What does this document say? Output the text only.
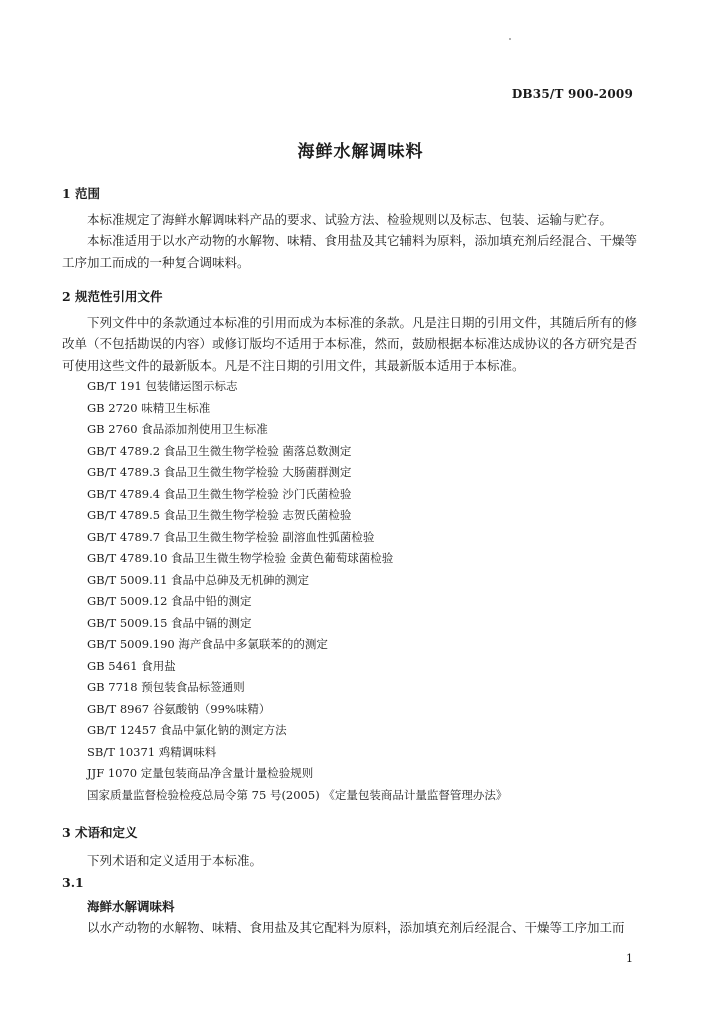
DB35/T 900-2009
海鲜水解调味料

1 范围

本标准规定了海鲜水解调味料产品的要求、试验方法、检验规则以及标志、包装、运输与贮存。

本标准适用于以水产动物的水解物、味精、食用盐及其它辅料为原料，添加填充剂后经混合、干燥等工序加工而成的一种复合调味料。

2 规范性引用文件

下列文件中的条款通过本标准的引用而成为本标准的条款。凡是注日期的引用文件，其随后所有的修改单（不包括勘误的内容）或修订版均不适用于本标准，然而，鼓励根据本标准达成协议的各方研究是否可使用这些文件的最新版本。凡是不注日期的引用文件，其最新版本适用于本标准。

GB/T 191 包装储运图示标志

GB 2720 味精卫生标准

GB 2760 食品添加剂使用卫生标准

GB/T 4789.2 食品卫生微生物学检验 菌落总数测定

GB/T 4789.3 食品卫生微生物学检验 大肠菌群测定

GB/T 4789.4 食品卫生微生物学检验 沙门氏菌检验

GB/T 4789.5 食品卫生微生物学检验 志贺氏菌检验

GB/T 4789.7 食品卫生微生物学检验 副溶血性弧菌检验

GB/T 4789.10 食品卫生微生物学检验 金黄色葡萄球菌检验

GB/T 5009.11 食品中总砷及无机砷的测定

GB/T 5009.12 食品中铅的测定

GB/T 5009.15 食品中镉的测定

GB/T 5009.190 海产食品中多氯联苯的的测定

GB 5461 食用盐

GB 7718 预包装食品标签通则

GB/T 8967 谷氨酸钠（99%味精）

GB/T 12457 食品中氯化钠的测定方法

SB/T 10371 鸡精调味料

JJF 1070 定量包装商品净含量计量检验规则

国家质量监督检验检疫总局令第 75 号(2005) 《定量包装商品计量监督管理办法》

3 术语和定义

下列术语和定义适用于本标准。

3.1

海鲜水解调味料

以水产动物的水解物、味精、食用盐及其它配料为原料，添加填充剂后经混合、干燥等工序加工而

1
